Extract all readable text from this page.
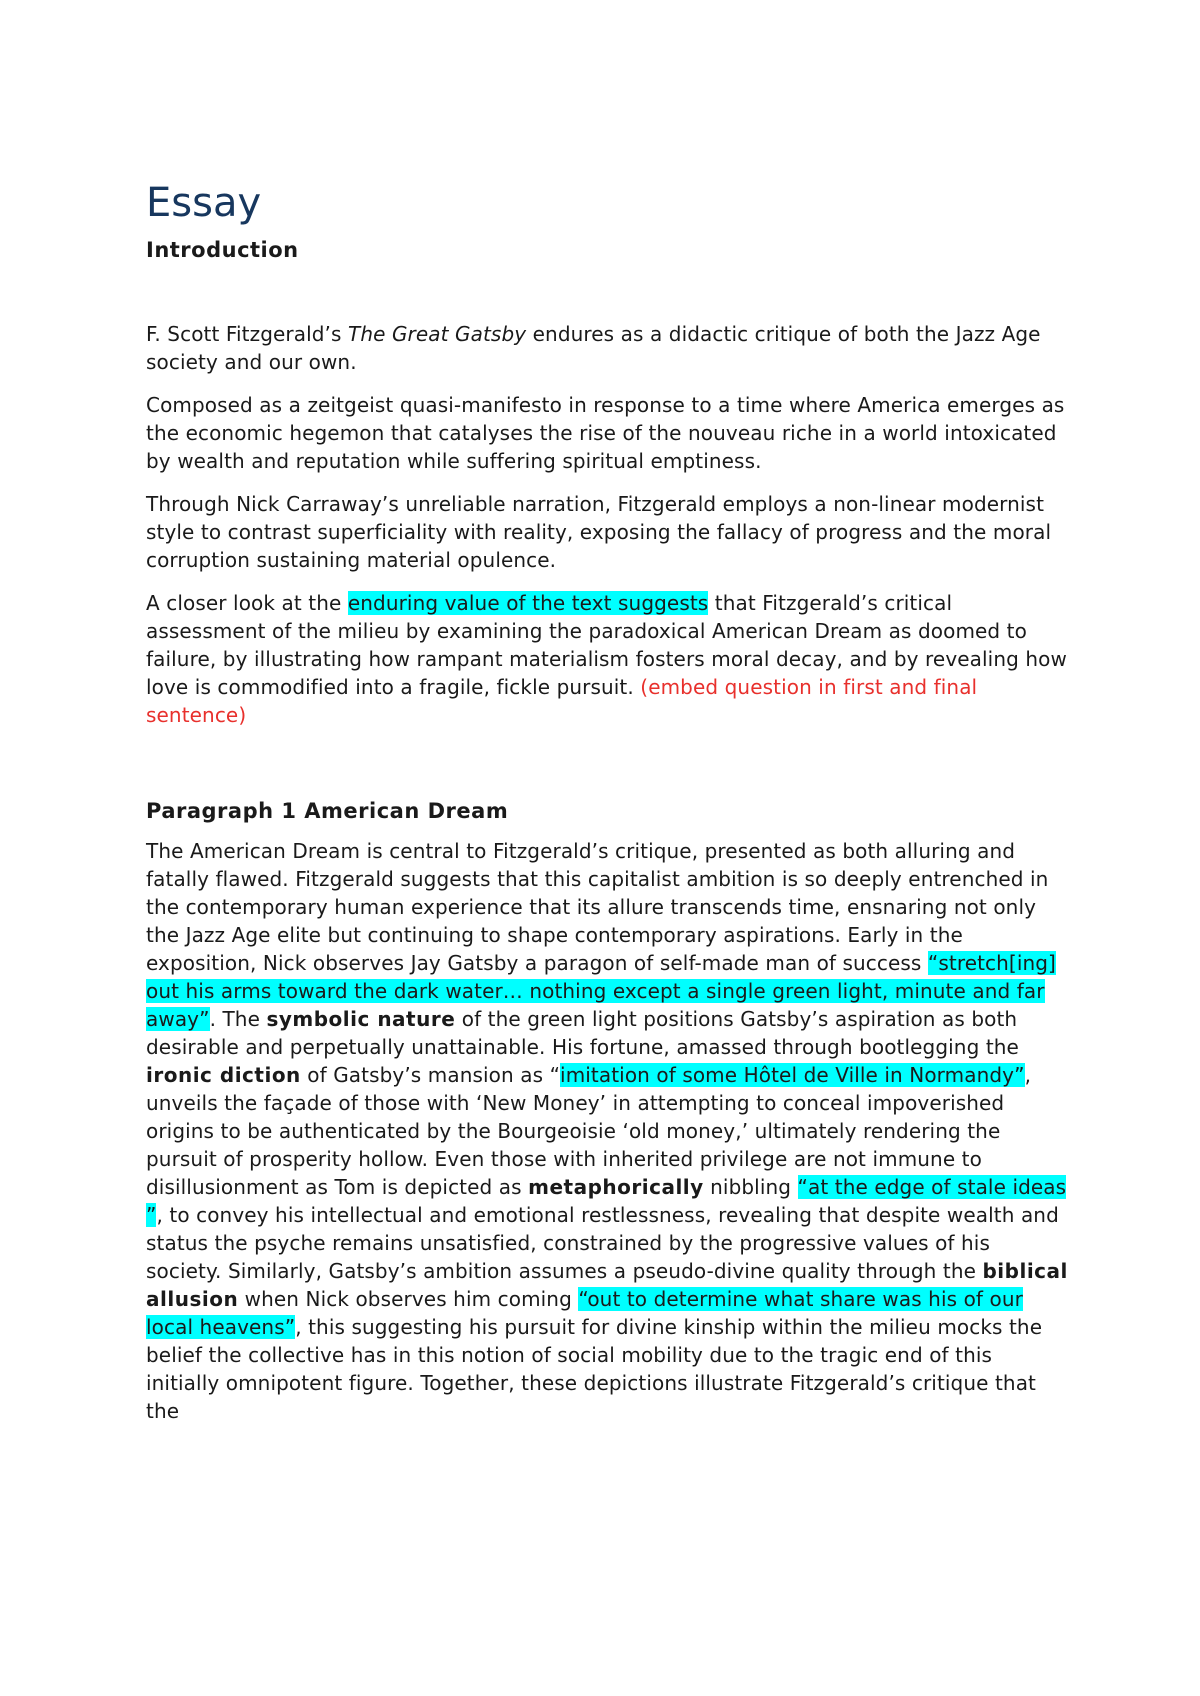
Essay
Introduction

F. Scott Fitzgerald’s The Great Gatsby endures as a didactic critique of both the Jazz Age society and our own.

Composed as a zeitgeist quasi-manifesto in response to a time where America emerges as the economic hegemon that catalyses the rise of the nouveau riche in a world intoxicated by wealth and reputation while suffering spiritual emptiness.

Through Nick Carraway’s unreliable narration, Fitzgerald employs a non-linear modernist style to contrast superficiality with reality, exposing the fallacy of progress and the moral corruption sustaining material opulence.

A closer look at the enduring value of the text suggests that Fitzgerald’s critical assessment of the milieu by examining the paradoxical American Dream as doomed to failure, by illustrating how rampant materialism fosters moral decay, and by revealing how love is commodified into a fragile, fickle pursuit. (embed question in first and final sentence)

Paragraph 1 American Dream

The American Dream is central to Fitzgerald’s critique, presented as both alluring and fatally flawed. Fitzgerald suggests that this capitalist ambition is so deeply entrenched in the contemporary human experience that its allure transcends time, ensnaring not only the Jazz Age elite but continuing to shape contemporary aspirations. Early in the exposition, Nick observes Jay Gatsby a paragon of self-made man of success “stretch[ing] out his arms toward the dark water… nothing except a single green light, minute and far away”. The symbolic nature of the green light positions Gatsby’s aspiration as both desirable and perpetually unattainable. His fortune, amassed through bootlegging the ironic diction of Gatsby’s mansion as “imitation of some Hôtel de Ville in Normandy”, unveils the façade of those with ‘New Money’ in attempting to conceal impoverished origins to be authenticated by the Bourgeoisie ‘old money,’ ultimately rendering the pursuit of prosperity hollow. Even those with inherited privilege are not immune to disillusionment as Tom is depicted as metaphorically nibbling “at the edge of stale ideas ”, to convey his intellectual and emotional restlessness, revealing that despite wealth and status the psyche remains unsatisfied, constrained by the progressive values of his society. Similarly, Gatsby’s ambition assumes a pseudo-divine quality through the biblical allusion when Nick observes him coming “out to determine what share was his of our local heavens”, this suggesting his pursuit for divine kinship within the milieu mocks the belief the collective has in this notion of social mobility due to the tragic end of this initially omnipotent figure. Together, these depictions illustrate Fitzgerald’s critique that the
